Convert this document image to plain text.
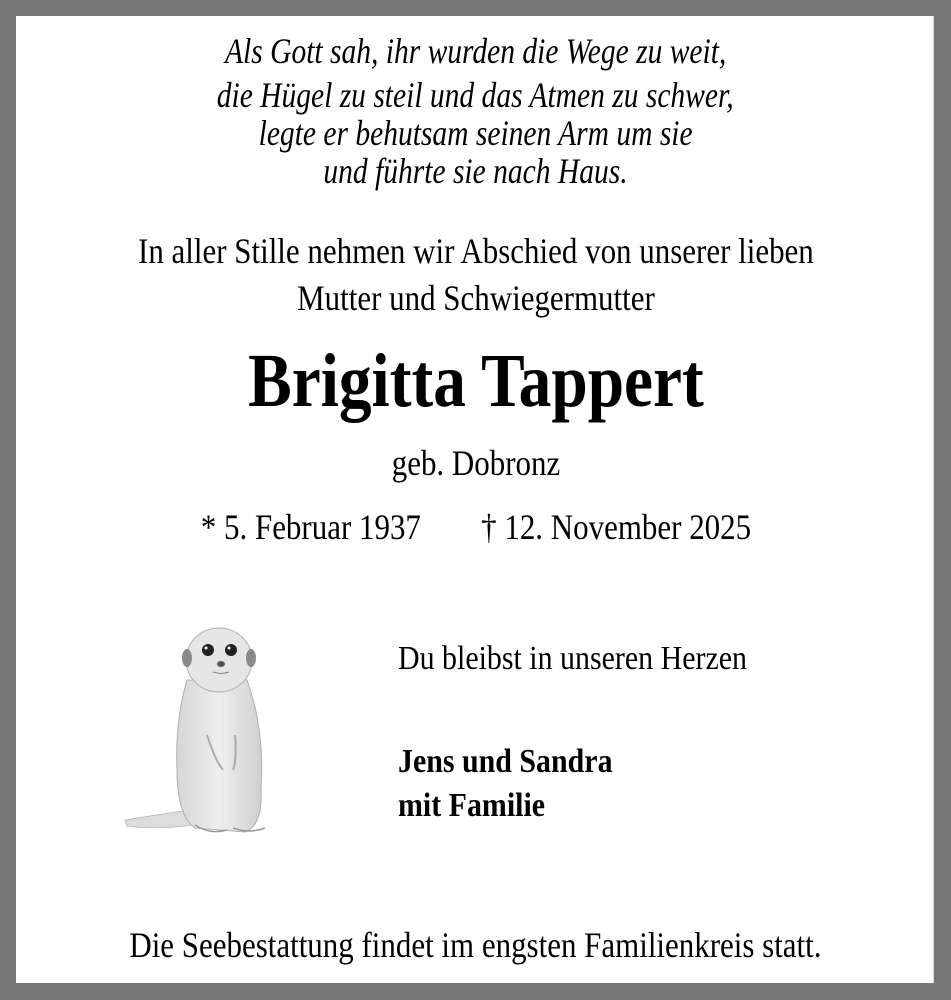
Als Gott sah, ihr wurden die Wege zu weit,
die Hügel zu steil und das Atmen zu schwer,
legte er behutsam seinen Arm um sie
und führte sie nach Haus.
In aller Stille nehmen wir Abschied von unserer lieben
Mutter und Schwiegermutter
Brigitta Tappert
geb. Dobronz
* 5. Februar 1937 † 12. November 2025
Du bleibst in unseren Herzen
Jens und Sandra
mit Familie
Die Seebestattung findet im engsten Familienkreis statt.
